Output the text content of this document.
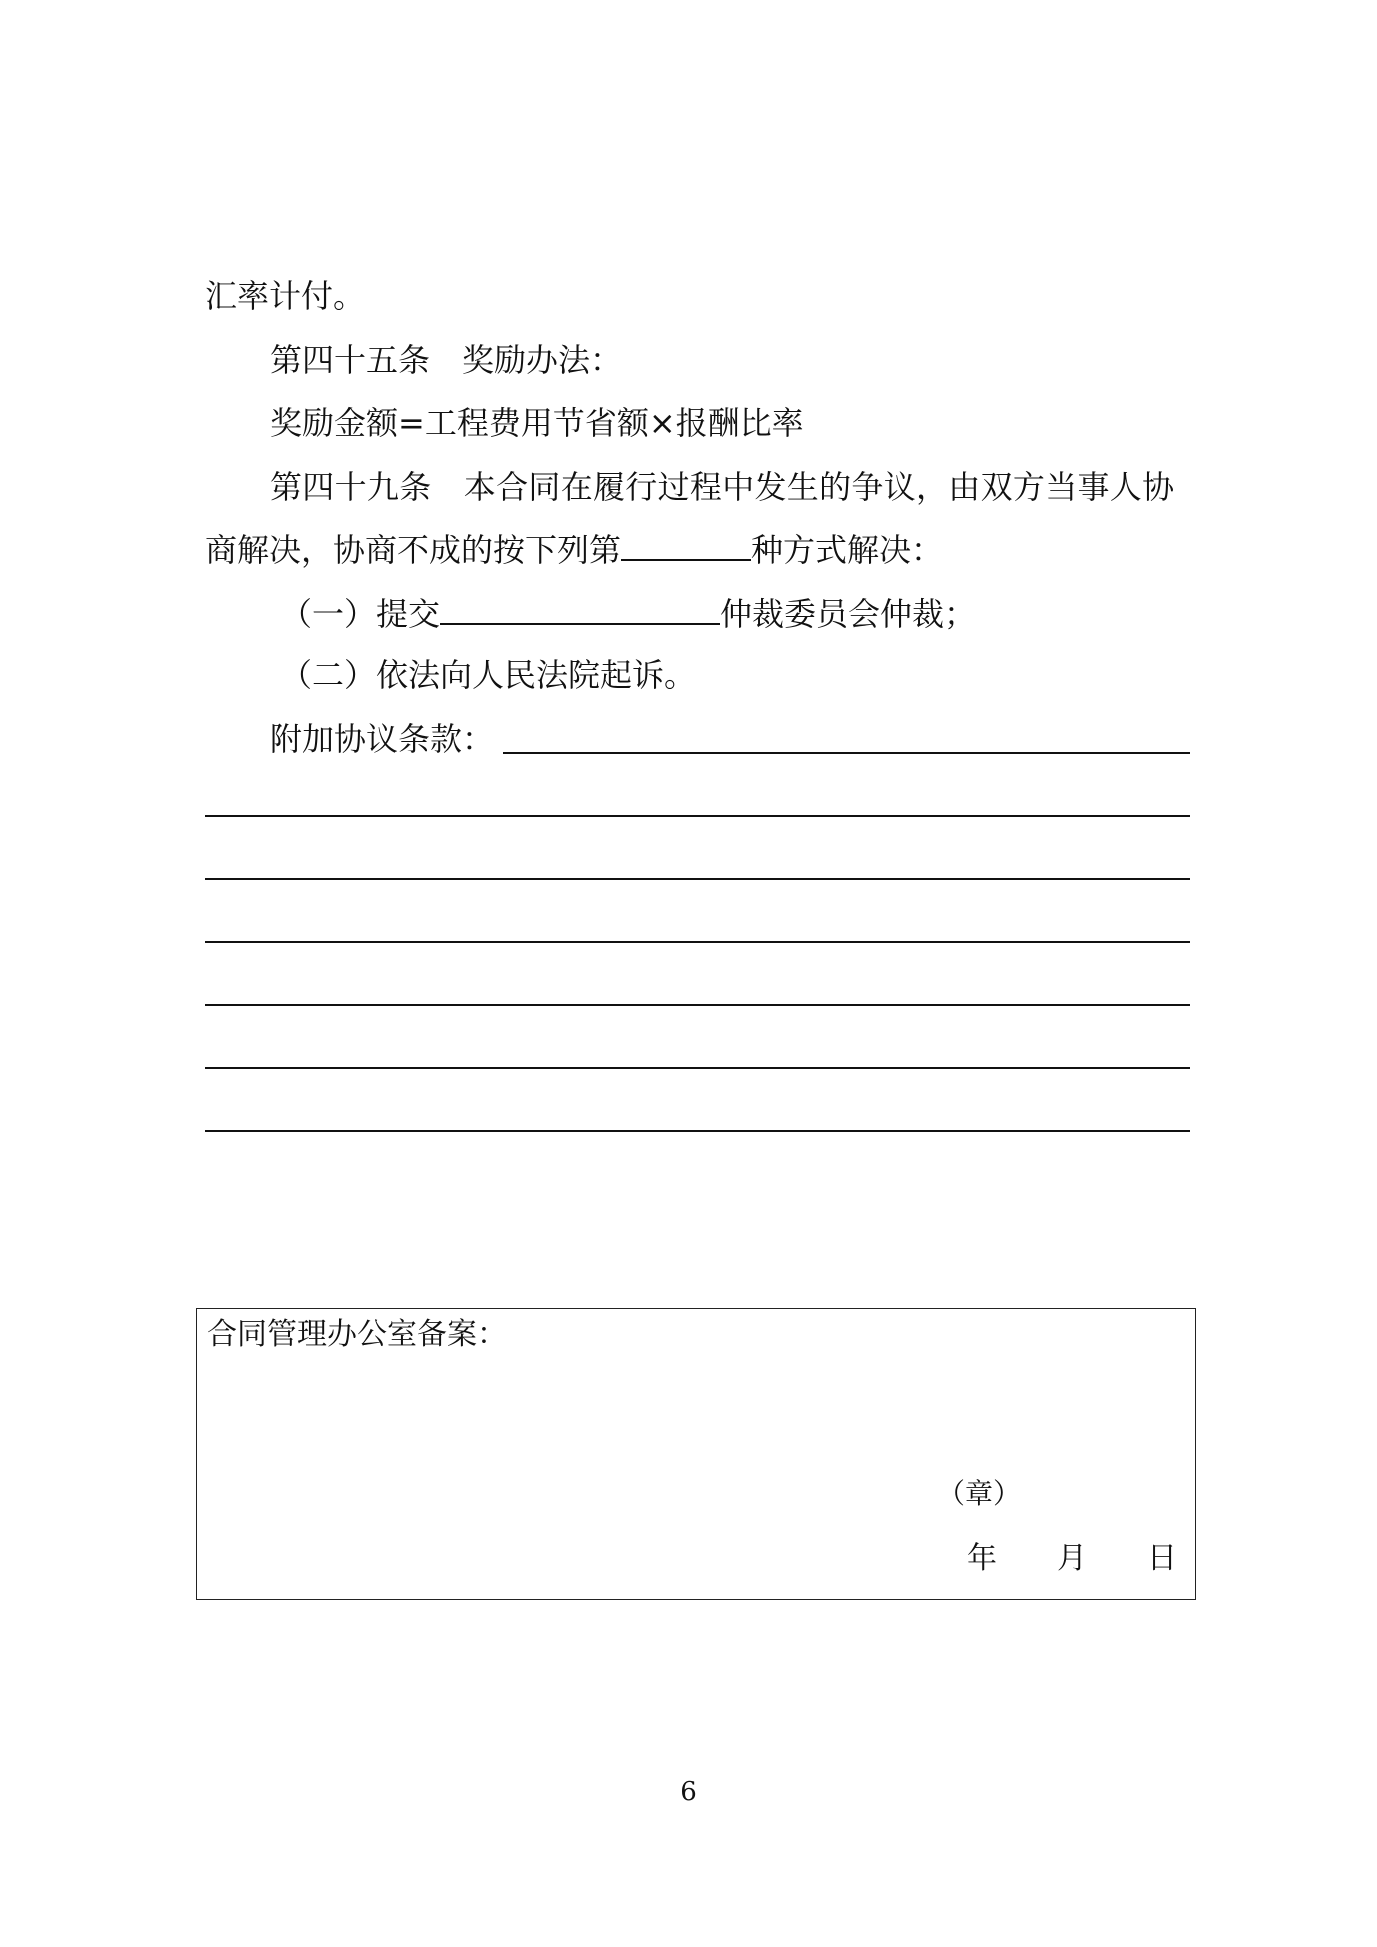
汇率计付。
第四十五条　奖励办法：
奖励金额=工程费用节省额×报酬比率
第四十九条　本合同在履行过程中发生的争议，由双方当事人协
商解决，协商不成的按下列第	种方式解决：
（一）提交	仲裁委员会仲裁；
（二）依法向人民法院起诉。
附加协议条款：
合同管理办公室备案：
（章）
年 月 日
6
